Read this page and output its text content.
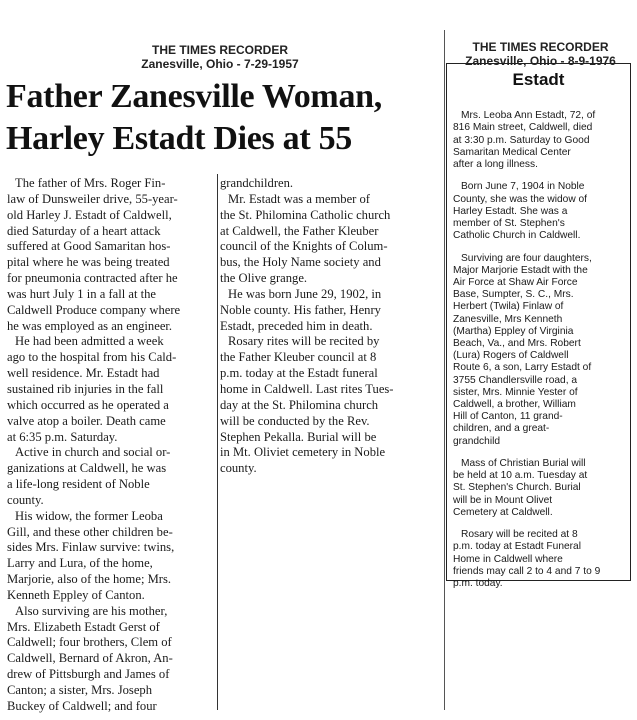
THE TIMES RECORDER
Zanesville, Ohio - 7-29-1957
THE TIMES RECORDER
Zanesville, Ohio - 8-9-1976
Father Zanesville Woman,
Harley Estadt Dies at 55

The father of Mrs. Roger Fin-
law of Dunsweiler drive, 55-year-
old Harley J. Estadt of Caldwell,
died Saturday of a heart attack
suffered at Good Samaritan hos-
pital where he was being treated
for pneumonia contracted after he
was hurt July 1 in a fall at the
Caldwell Produce company where
he was employed as an engineer.

He had been admitted a week
ago to the hospital from his Cald-
well residence. Mr. Estadt had
sustained rib injuries in the fall
which occurred as he operated a
valve atop a boiler. Death came
at 6:35 p.m. Saturday.

Active in church and social or-
ganizations at Caldwell, he was
a life-long resident of Noble
county.

His widow, the former Leoba
Gill, and these other children be-
sides Mrs. Finlaw survive: twins,
Larry and Lura, of the home,
Marjorie, also of the home; Mrs.
Kenneth Eppley of Canton.

Also surviving are his mother,
Mrs. Elizabeth Estadt Gerst of
Caldwell; four brothers, Clem of
Caldwell, Bernard of Akron, An-
drew of Pittsburgh and James of
Canton; a sister, Mrs. Joseph
Buckey of Caldwell; and four

grandchildren.

Mr. Estadt was a member of
the St. Philomina Catholic church
at Caldwell, the Father Kleuber
council of the Knights of Colum-
bus, the Holy Name society and
the Olive grange.

He was born June 29, 1902, in
Noble county. His father, Henry
Estadt, preceded him in death.

Rosary rites will be recited by
the Father Kleuber council at 8
p.m. today at the Estadt funeral
home in Caldwell. Last rites Tues-
day at the St. Philomina church
will be conducted by the Rev.
Stephen Pekalla. Burial will be
in Mt. Oliviet cemetery in Noble
county.

Estadt

Mrs. Leoba Ann Estadt, 72, of
816 Main street, Caldwell, died
at 3:30 p.m. Saturday to Good
Samaritan Medical Center
after a long illness.

Born June 7, 1904 in Noble
County, she was the widow of
Harley Estadt. She was a
member of St. Stephen's
Catholic Church in Caldwell.

Surviving are four daughters,
Major Marjorie Estadt with the
Air Force at Shaw Air Force
Base, Sumpter, S. C., Mrs.
Herbert (Twila) Finlaw of
Zanesville, Mrs Kenneth
(Martha) Eppley of Virginia
Beach, Va., and Mrs. Robert
(Lura) Rogers of Caldwell
Route 6, a son, Larry Estadt of
3755 Chandlersville road, a
sister, Mrs. Minnie Yester of
Caldwell, a brother, William
Hill of Canton, 11 grand-
children, and a great-
grandchild

Mass of Christian Burial will
be held at 10 a.m. Tuesday at
St. Stephen's Church. Burial
will be in Mount Olivet
Cemetery at Caldwell.

Rosary will be recited at 8
p.m. today at Estadt Funeral
Home in Caldwell where
friends may call 2 to 4 and 7 to 9
p.m. today.
